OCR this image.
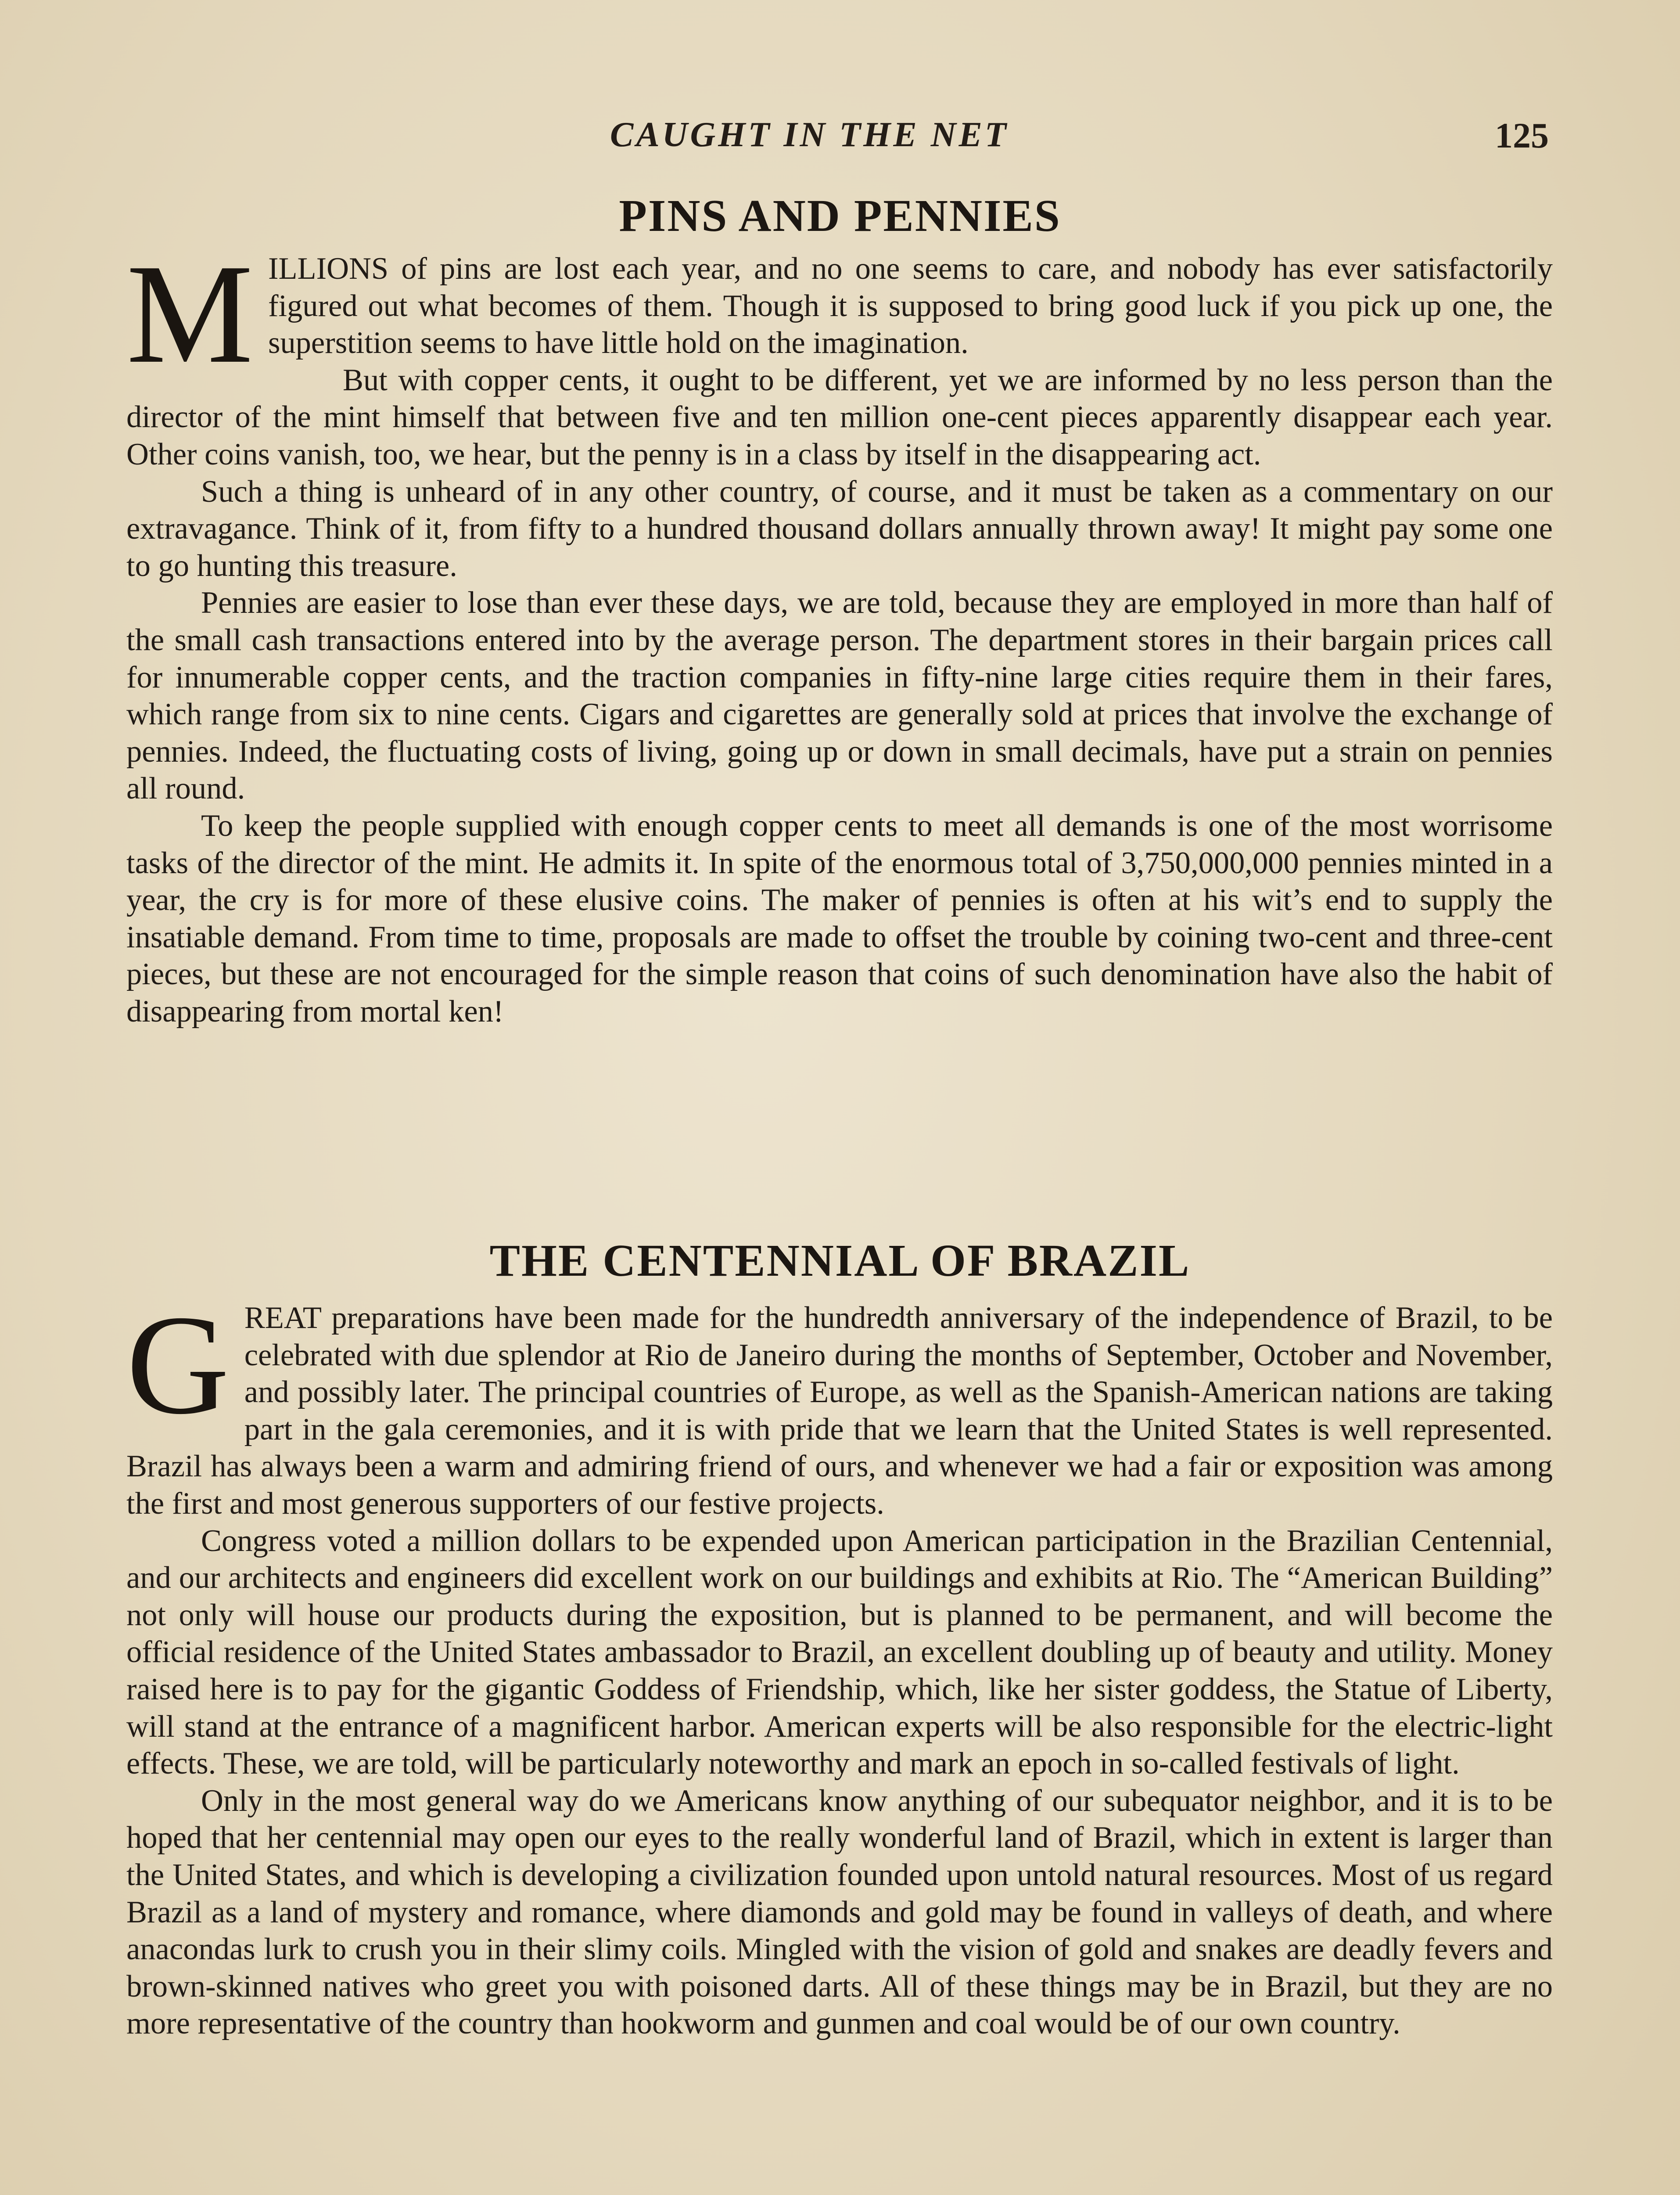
CAUGHT IN THE NET	125
PINS AND PENNIES

MILLIONS of pins are lost each year, and no one seems to care, and nobody has ever satisfactorily figured out what becomes of them. Though it is supposed to bring good luck if you pick up one, the superstition seems to have little hold on the imagination.

But with copper cents, it ought to be different, yet we are informed by no less person than the director of the mint himself that between five and ten million one-cent pieces apparently disappear each year. Other coins vanish, too, we hear, but the penny is in a class by itself in the disappearing act.

Such a thing is unheard of in any other country, of course, and it must be taken as a commentary on our extravagance. Think of it, from fifty to a hundred thousand dollars annually thrown away! It might pay some one to go hunting this treasure.

Pennies are easier to lose than ever these days, we are told, because they are employed in more than half of the small cash transactions entered into by the average person. The department stores in their bargain prices call for innumerable copper cents, and the traction companies in fifty-nine large cities require them in their fares, which range from six to nine cents. Cigars and cigarettes are generally sold at prices that involve the exchange of pennies. Indeed, the fluctuating costs of living, going up or down in small decimals, have put a strain on pennies all round.

To keep the people supplied with enough copper cents to meet all demands is one of the most worrisome tasks of the director of the mint. He admits it. In spite of the enormous total of 3,750,000,000 pennies minted in a year, the cry is for more of these elusive coins. The maker of pennies is often at his wit’s end to supply the insatiable demand. From time to time, proposals are made to offset the trouble by coining two-cent and three-cent pieces, but these are not encouraged for the simple reason that coins of such denomination have also the habit of disappearing from mortal ken!

THE CENTENNIAL OF BRAZIL

GREAT preparations have been made for the hundredth anniversary of the independence of Brazil, to be celebrated with due splendor at Rio de Janeiro during the months of September, October and November, and possibly later. The principal countries of Europe, as well as the Spanish-American nations are taking part in the gala ceremonies, and it is with pride that we learn that the United States is well represented. Brazil has always been a warm and admiring friend of ours, and whenever we had a fair or exposition was among the first and most generous supporters of our festive projects.

Congress voted a million dollars to be expended upon American participation in the Brazilian Centennial, and our architects and engineers did excellent work on our buildings and exhibits at Rio. The “American Building” not only will house our products during the exposition, but is planned to be permanent, and will become the official residence of the United States ambassador to Brazil, an excellent doubling up of beauty and utility. Money raised here is to pay for the gigantic Goddess of Friendship, which, like her sister goddess, the Statue of Liberty, will stand at the entrance of a magnificent harbor. American experts will be also responsible for the electric-light effects. These, we are told, will be particularly noteworthy and mark an epoch in so-called festivals of light.

Only in the most general way do we Americans know anything of our subequator neighbor, and it is to be hoped that her centennial may open our eyes to the really wonderful land of Brazil, which in extent is larger than the United States, and which is developing a civilization founded upon untold natural resources. Most of us regard Brazil as a land of mystery and romance, where diamonds and gold may be found in valleys of death, and where anacondas lurk to crush you in their slimy coils. Mingled with the vision of gold and snakes are deadly fevers and brown-skinned natives who greet you with poisoned darts. All of these things may be in Brazil, but they are no more representative of the country than hookworm and gunmen and coal would be of our own country.
